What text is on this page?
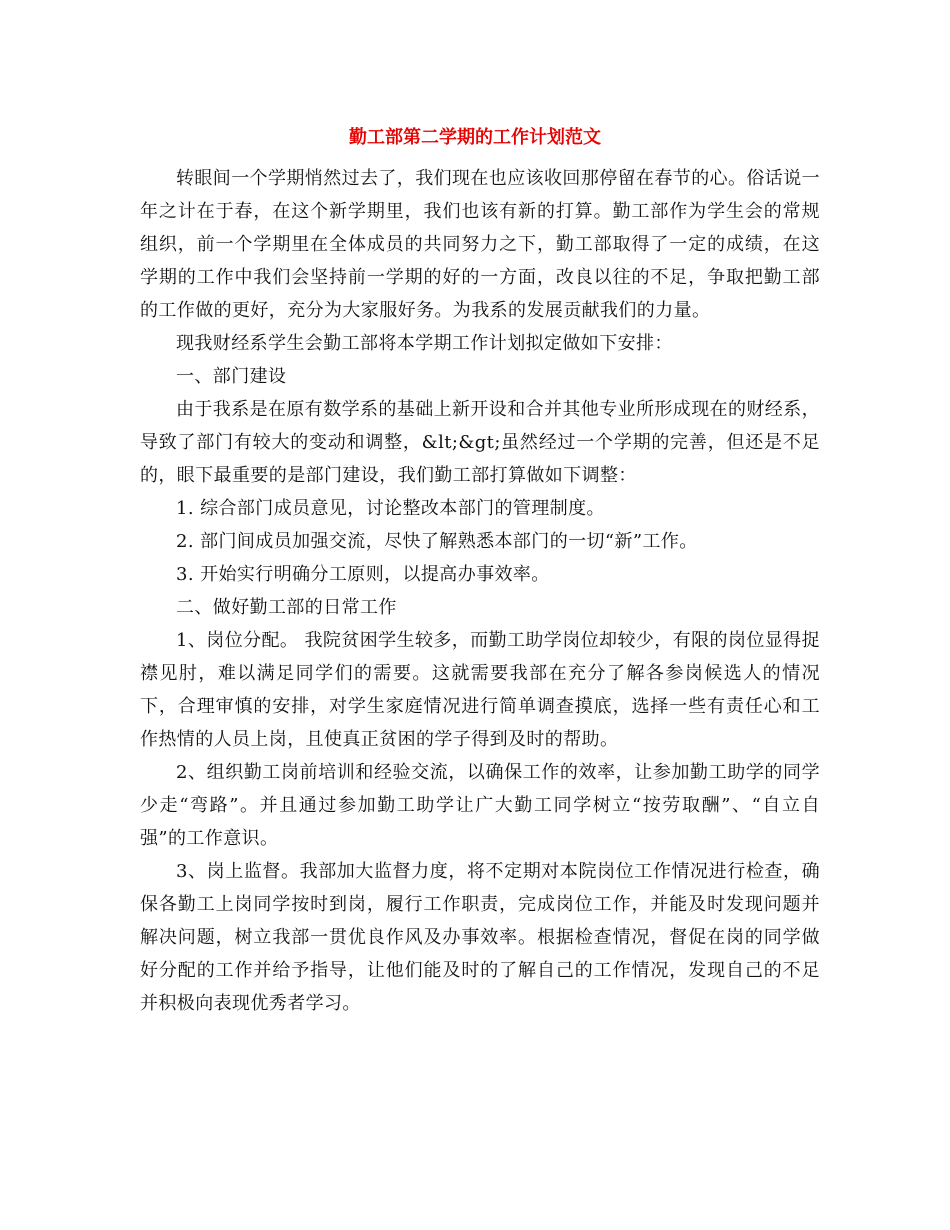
勤工部第二学期的工作计划范文

转眼间一个学期悄然过去了，我们现在也应该收回那停留在春节的心。俗话说一年之计在于春，在这个新学期里，我们也该有新的打算。勤工部作为学生会的常规组织，前一个学期里在全体成员的共同努力之下，勤工部取得了一定的成绩，在这学期的工作中我们会坚持前一学期的好的一方面，改良以往的不足，争取把勤工部的工作做的更好，充分为大家服好务。为我系的发展贡献我们的力量。

现我财经系学生会勤工部将本学期工作计划拟定做如下安排：

一、部门建设

由于我系是在原有数学系的基础上新开设和合并其他专业所形成现在的财经系，导致了部门有较大的变动和调整，&lt;&gt;虽然经过一个学期的完善，但还是不足的，眼下最重要的是部门建设，我们勤工部打算做如下调整：

1. 综合部门成员意见，讨论整改本部门的管理制度。

2. 部门间成员加强交流，尽快了解熟悉本部门的一切“新”工作。

3. 开始实行明确分工原则，以提高办事效率。

二、做好勤工部的日常工作

1、岗位分配。 我院贫困学生较多，而勤工助学岗位却较少，有限的岗位显得捉襟见肘，难以满足同学们的需要。这就需要我部在充分了解各参岗候选人的情况下，合理审慎的安排，对学生家庭情况进行简单调查摸底，选择一些有责任心和工作热情的人员上岗，且使真正贫困的学子得到及时的帮助。

2、组织勤工岗前培训和经验交流，以确保工作的效率，让参加勤工助学的同学少走“弯路”。并且通过参加勤工助学让广大勤工同学树立“按劳取酬”、“自立自强”的工作意识。

3、岗上监督。我部加大监督力度，将不定期对本院岗位工作情况进行检查，确保各勤工上岗同学按时到岗，履行工作职责，完成岗位工作，并能及时发现问题并解决问题，树立我部一贯优良作风及办事效率。根据检查情况，督促在岗的同学做好分配的工作并给予指导，让他们能及时的了解自己的工作情况，发现自己的不足并积极向表现优秀者学习。
